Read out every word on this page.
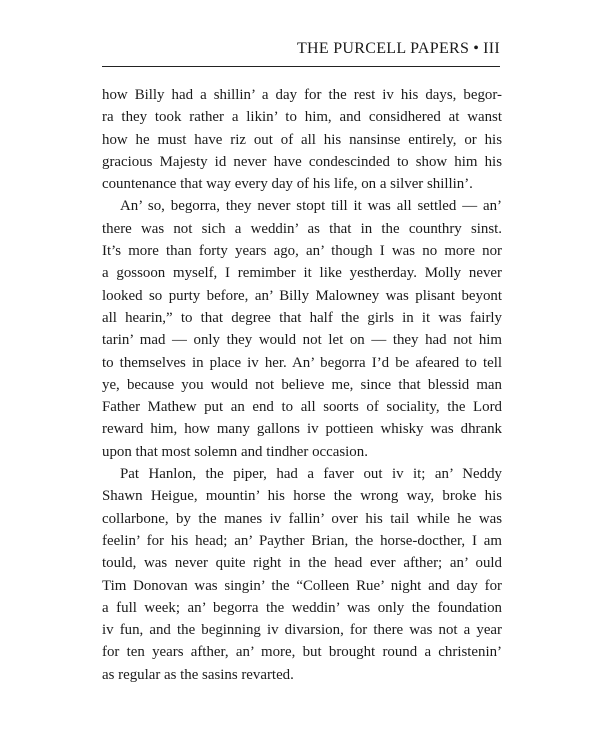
THE PURCELL PAPERS • III
how Billy had a shillin’ a day for the rest iv his days, begor-
ra they took rather a likin’ to him, and considhered at wanst
how he must have riz out of all his nansinse entirely, or his
gracious Majesty id never have condescinded to show him his
countenance that way every day of his life, on a silver shillin’.
An’ so, begorra, they never stopt till it was all settled — an’
there was not sich a weddin’ as that in the counthry sinst.
It’s more than forty years ago, an’ though I was no more nor
a gossoon myself, I remimber it like yestherday. Molly never
looked so purty before, an’ Billy Malowney was plisant beyont
all hearin,” to that degree that half the girls in it was fairly
tarin’ mad — only they would not let on — they had not him
to themselves in place iv her. An’ begorra I’d be afeared to tell
ye, because you would not believe me, since that blessid man
Father Mathew put an end to all soorts of sociality, the Lord
reward him, how many gallons iv pottieen whisky was dhrank
upon that most solemn and tindher occasion.
Pat Hanlon, the piper, had a faver out iv it; an’ Neddy
Shawn Heigue, mountin’ his horse the wrong way, broke his
collarbone, by the manes iv fallin’ over his tail while he was
feelin’ for his head; an’ Payther Brian, the horse-docther, I am
tould, was never quite right in the head ever afther; an’ ould
Tim Donovan was singin’ the “Colleen Rue’ night and day for
a full week; an’ begorra the weddin’ was only the foundation
iv fun, and the beginning iv divarsion, for there was not a year
for ten years afther, an’ more, but brought round a christenin’
as regular as the sasins revarted.
